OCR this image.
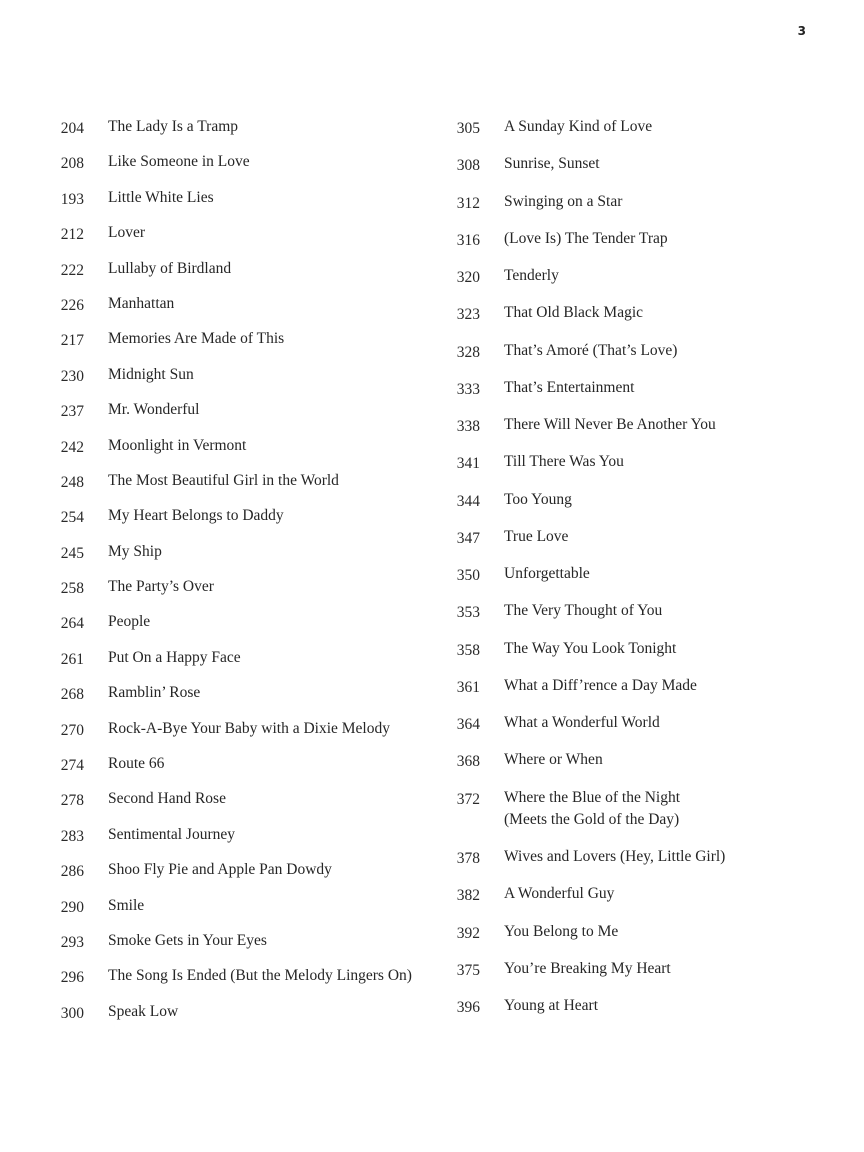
3
204 The Lady Is a Tramp
208 Like Someone in Love
193 Little White Lies
212 Lover
222 Lullaby of Birdland
226 Manhattan
217 Memories Are Made of This
230 Midnight Sun
237 Mr. Wonderful
242 Moonlight in Vermont
248 The Most Beautiful Girl in the World
254 My Heart Belongs to Daddy
245 My Ship
258 The Party’s Over
264 People
261 Put On a Happy Face
268 Ramblin’ Rose
270 Rock-A-Bye Your Baby with a Dixie Melody
274 Route 66
278 Second Hand Rose
283 Sentimental Journey
286 Shoo Fly Pie and Apple Pan Dowdy
290 Smile
293 Smoke Gets in Your Eyes
296 The Song Is Ended (But the Melody Lingers On)
300 Speak Low
305 A Sunday Kind of Love
308 Sunrise, Sunset
312 Swinging on a Star
316 (Love Is) The Tender Trap
320 Tenderly
323 That Old Black Magic
328 That’s Amoré (That’s Love)
333 That’s Entertainment
338 There Will Never Be Another You
341 Till There Was You
344 Too Young
347 True Love
350 Unforgettable
353 The Very Thought of You
358 The Way You Look Tonight
361 What a Diff’rence a Day Made
364 What a Wonderful World
368 Where or When
372 Where the Blue of the Night
(Meets the Gold of the Day)
378 Wives and Lovers (Hey, Little Girl)
382 A Wonderful Guy
392 You Belong to Me
375 You’re Breaking My Heart
396 Young at Heart
